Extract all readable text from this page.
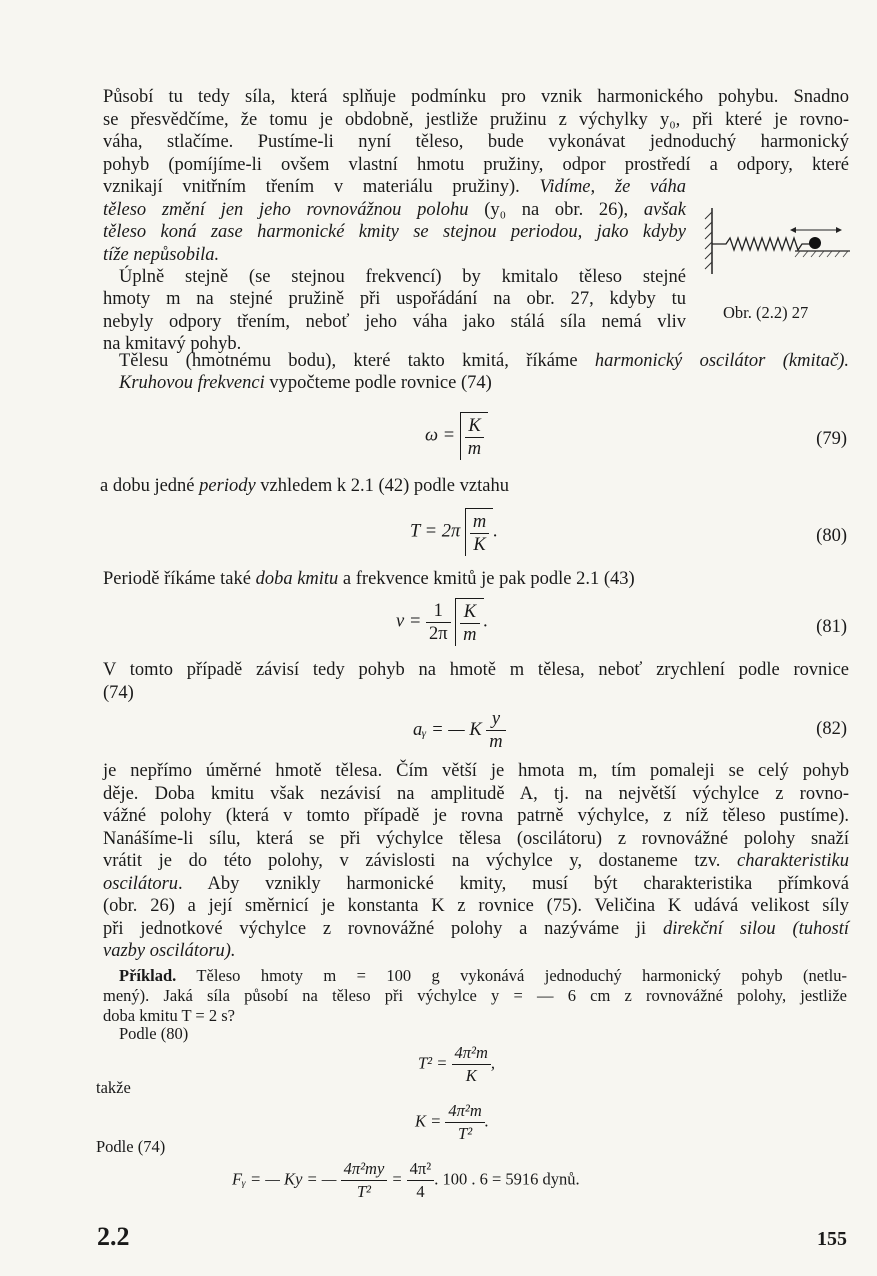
Působí tu tedy síla, která splňuje podmínku pro vznik harmonického pohybu. Snadno
se přesvědčíme, že tomu je obdobně, jestliže pružinu z výchylky y₀, při které je rovno-
váha, stlačíme. Pustíme-li nyní těleso, bude vykonávat jednoduchý harmonický
pohyb (pomíjíme-li ovšem vlastní hmotu pružiny, odpor prostředí a odpory, které
vznikají vnitřním třením v materiálu pružiny). Vidíme, že váha
těleso změní jen jeho rovnovážnou polohu (y₀ na obr. 26), avšak
těleso koná zase harmonické kmity se stejnou periodou, jako kdyby
tíže nepůsobila.
Úplně stejně (se stejnou frekvencí) by kmitalo těleso stejné
hmoty m na stejné pružině při uspořádání na obr. 27, kdyby tu
nebyly odpory třením, neboť jeho váha jako stálá síla nemá vliv
na kmitavý pohyb.
Obr. (2.2) 27
Tělesu (hmotnému bodu), které takto kmitá, říkáme harmonický oscilátor (kmitač).
Kruhovou frekvenci vypočteme podle rovnice (74)
$\omega = \frac{K}{m}$	(79)
a dobu jedné periody vzhledem k 2.1 (42) podle vztahu
$T = 2\pi \frac{m}{K}$ .	(80)
Periodě říkáme také doba kmitu a frekvence kmitů je pak podle 2.1 (43)
$\nu = \frac{1}{2\pi}$
$\frac{K}{m}$ .	(81)
V tomto případě závisí tedy pohyb na hmotě m tělesa, neboť zrychlení podle rovnice
(74)
aᵧ = — K $\frac{y}{m}$	(82)
je nepřímo úměrné hmotě tělesa. Čím větší je hmota m, tím pomaleji se celý pohyb
děje. Doba kmitu však nezávisí na amplitudě A, tj. na největší výchylce z rovno-
vážné polohy (která v tomto případě je rovna patrně výchylce, z níž těleso pustíme).
Nanášíme-li sílu, která se při výchylce tělesa (oscilátoru) z rovnovážné polohy snaží
vrátit je do této polohy, v závislosti na výchylce y, dostaneme tzv. charakteristiku
oscilátoru. Aby vznikly harmonické kmity, musí být charakteristika přímková
(obr. 26) a její směrnicí je konstanta K z rovnice (75). Veličina K udává velikost síly
při jednotkové výchylce z rovnovážné polohy a nazýváme ji direkční silou (tuhostí
vazby oscilátoru).
Příklad. Těleso hmoty m = 100 g vykonává jednoduchý harmonický pohyb (netlu-
mený). Jaká síla působí na těleso při výchylce y = — 6 cm z rovnovážné polohy, jestliže
doba kmitu T = 2 s?
Podle (80)
$T^2 = \frac{\text{4π²m}}{K}$ ,
takže
$K = \frac{\text{4π²m}}{\text{T²}}$ .
Podle (74)
Fᵧ = — Ky = — $\frac{\text{4π²my}}{\text{T²}} = \frac{\text{4π²}}{4}$ . 100 . 6 = 5916 dynů.
2.2	155
